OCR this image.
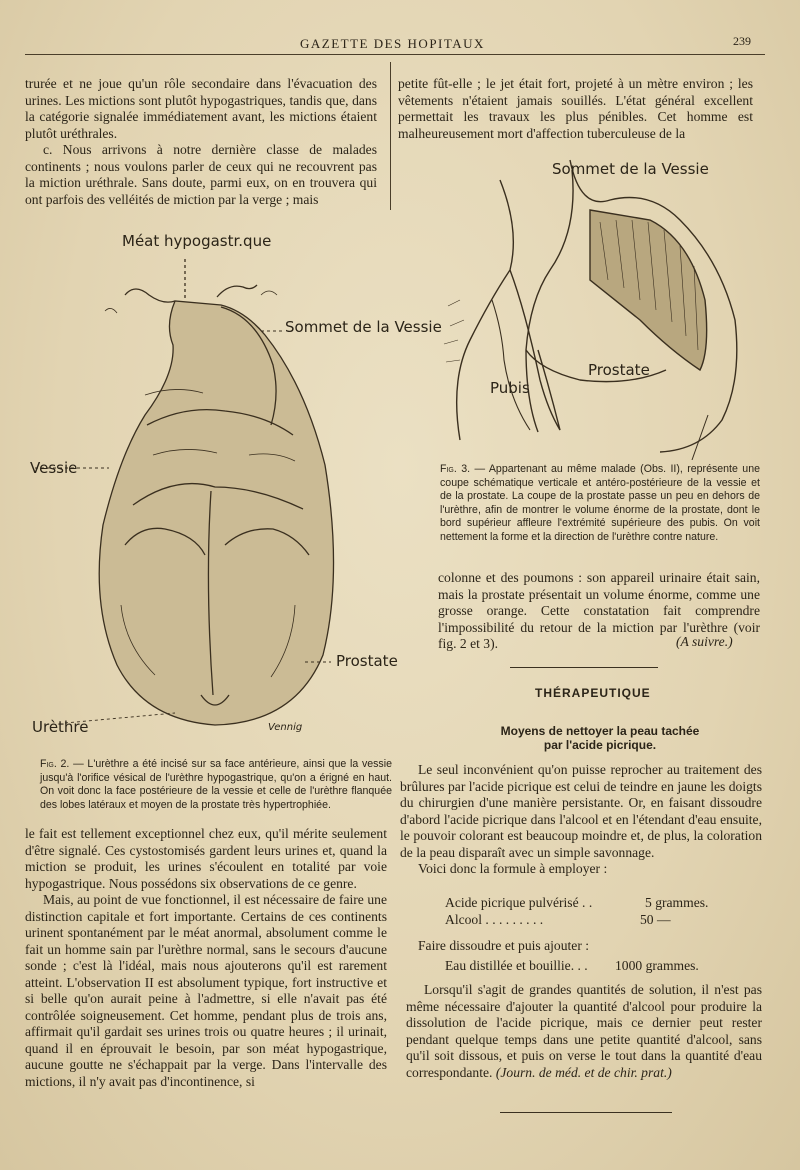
GAZETTE DES HOPITAUX	239

trurée et ne joue qu'un rôle secondaire dans l'évacuation des urines. Les mictions sont plutôt hypogastriques, tandis que, dans la catégorie signalée immédiatement avant, les mictions étaient plutôt uréthrales.

c. Nous arrivons à notre dernière classe de malades continents ; nous voulons parler de ceux qui ne recouvrent pas la miction uréthrale. Sans doute, parmi eux, on en trouvera qui ont parfois des velléités de miction par la verge ; mais

petite fût-elle ; le jet était fort, projeté à un mètre environ ; les vêtements n'étaient jamais souillés. L'état général excellent permettait les travaux les plus pénibles. Cet homme est malheureusement mort d'affection tuberculeuse de la

Méat hypogastr.que
Sommet de la Vessie
Vessie
Prostate
Urèthre	Vennig
Fig. 2. — L'urèthre a été incisé sur sa face antérieure, ainsi que la vessie jusqu'à l'orifice vésical de l'urèthre hypogastrique, qu'on a érigné en haut. On voit donc la face postérieure de la vessie et celle de l'urèthre flanquée des lobes latéraux et moyen de la prostate très hypertrophiée.
Sommet de la Vessie
Prostate
Pubis
Fig. 3. — Appartenant au même malade (Obs. II), représente une coupe schématique verticale et antéro-postérieure de la vessie et de la prostate. La coupe de la prostate passe un peu en dehors de l'urèthre, afin de montrer le volume énorme de la prostate, dont le bord supérieur affleure l'extrémité supérieure des pubis. On voit nettement la forme et la direction de l'urèthre contre nature.

colonne et des poumons : son appareil urinaire était sain, mais la prostate présentait un volume énorme, comme une grosse orange. Cette constatation fait comprendre l'impossibilité du retour de la miction par l'urèthre (voir fig. 2 et 3).	(A suivre.)
THÉRAPEUTIQUE
Moyens de nettoyer la peau tachée
par l'acide picrique.

Le seul inconvénient qu'on puisse reprocher au traitement des brûlures par l'acide picrique est celui de teindre en jaune les doigts du chirurgien d'une manière persistante. Or, en faisant dissoudre d'abord l'acide picrique dans l'alcool et en l'étendant d'eau ensuite, le pouvoir colorant est beaucoup moindre et, de plus, la coloration de la peau disparaît avec un simple savonnage.

Voici donc la formule à employer :

Acide picrique pulvérisé . .	5 grammes.
Alcool . . . . . . . . .	50 —
Faire dissoudre et puis ajouter :
Eau distillée et bouillie. . . 1000 grammes.

Lorsqu'il s'agit de grandes quantités de solution, il n'est pas même nécessaire d'ajouter la quantité d'alcool pour produire la dissolution de l'acide picrique, mais ce dernier peut rester pendant quelque temps dans une petite quantité d'alcool, sans qu'il soit dissous, et puis on verse le tout dans la quantité d'eau correspondante. (Journ. de méd. et de chir. prat.)

le fait est tellement exceptionnel chez eux, qu'il mérite seulement d'être signalé. Ces cystostomisés gardent leurs urines et, quand la miction se produit, les urines s'écoulent en totalité par voie hypogastrique. Nous possédons six observations de ce genre.

Mais, au point de vue fonctionnel, il est nécessaire de faire une distinction capitale et fort importante. Certains de ces continents urinent spontanément par le méat anormal, absolument comme le fait un homme sain par l'urèthre normal, sans le secours d'aucune sonde ; c'est là l'idéal, mais nous ajouterons qu'il est rarement atteint. L'observation II est absolument typique, fort instructive et si belle qu'on aurait peine à l'admettre, si elle n'avait pas été contrôlée soigneusement. Cet homme, pendant plus de trois ans, affirmait qu'il gardait ses urines trois ou quatre heures ; il urinait, quand il en éprouvait le besoin, par son méat hypogastrique, aucune goutte ne s'échappait par la verge. Dans l'intervalle des mictions, il n'y avait pas d'incontinence, si
